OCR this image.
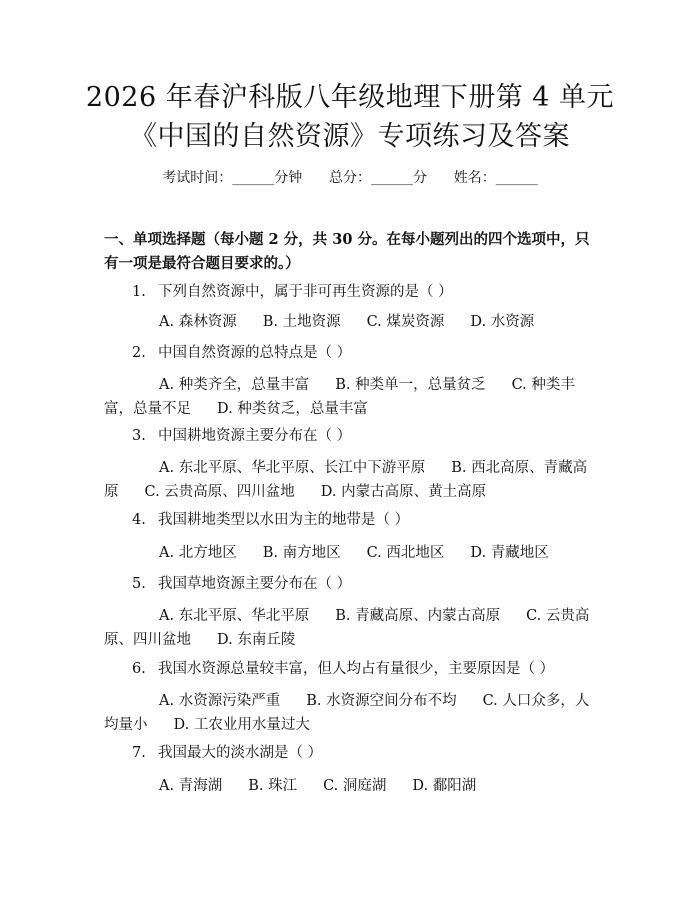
2026 年春沪科版八年级地理下册第 4 单元
《中国的自然资源》专项练习及答案
考试时间：______分钟      总分：______分      姓名：______
一、单项选择题（每小题 2 分，共 30 分。在每小题列出的四个选项中，只有一项是最符合题目要求的。）
1. 下列自然资源中，属于非可再生资源的是（ ）
A. 森林资源 B. 土地资源 C. 煤炭资源 D. 水资源
2. 中国自然资源的总特点是（ ）
A. 种类齐全，总量丰富 B. 种类单一，总量贫乏 C. 种类丰富，总量不足 D. 种类贫乏，总量丰富
3. 中国耕地资源主要分布在（ ）
A. 东北平原、华北平原、长江中下游平原 B. 西北高原、青藏高原 C. 云贵高原、四川盆地 D. 内蒙古高原、黄土高原
4. 我国耕地类型以水田为主的地带是（ ）
A. 北方地区 B. 南方地区 C. 西北地区 D. 青藏地区
5. 我国草地资源主要分布在（ ）
A. 东北平原、华北平原 B. 青藏高原、内蒙古高原 C. 云贵高原、四川盆地 D. 东南丘陵
6. 我国水资源总量较丰富，但人均占有量很少，主要原因是（ ）
A. 水资源污染严重 B. 水资源空间分布不均 C. 人口众多，人均量小 D. 工农业用水量过大
7. 我国最大的淡水湖是（ ）
A. 青海湖 B. 珠江 C. 洞庭湖 D. 鄱阳湖
